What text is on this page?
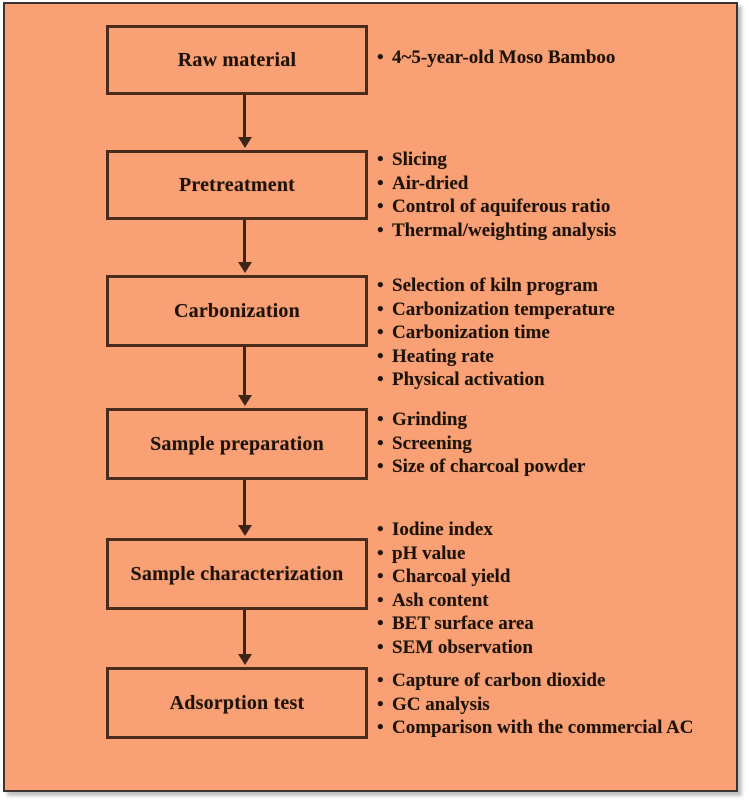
Raw material	• 4~5-year-old Moso Bamboo
Pretreatment
• Slicing
• Air-dried
• Control of aquiferous ratio
• Thermal/weighting analysis
Carbonization
• Selection of kiln program
• Carbonization temperature
• Carbonization time
• Heating rate
• Physical activation
Sample preparation
• Grinding
• Screening
• Size of charcoal powder
Sample characterization
• Iodine index
• pH value
• Charcoal yield
• Ash content
• BET surface area
• SEM observation
Adsorption test
• Capture of carbon dioxide
• GC analysis
• Comparison with the commercial AC
